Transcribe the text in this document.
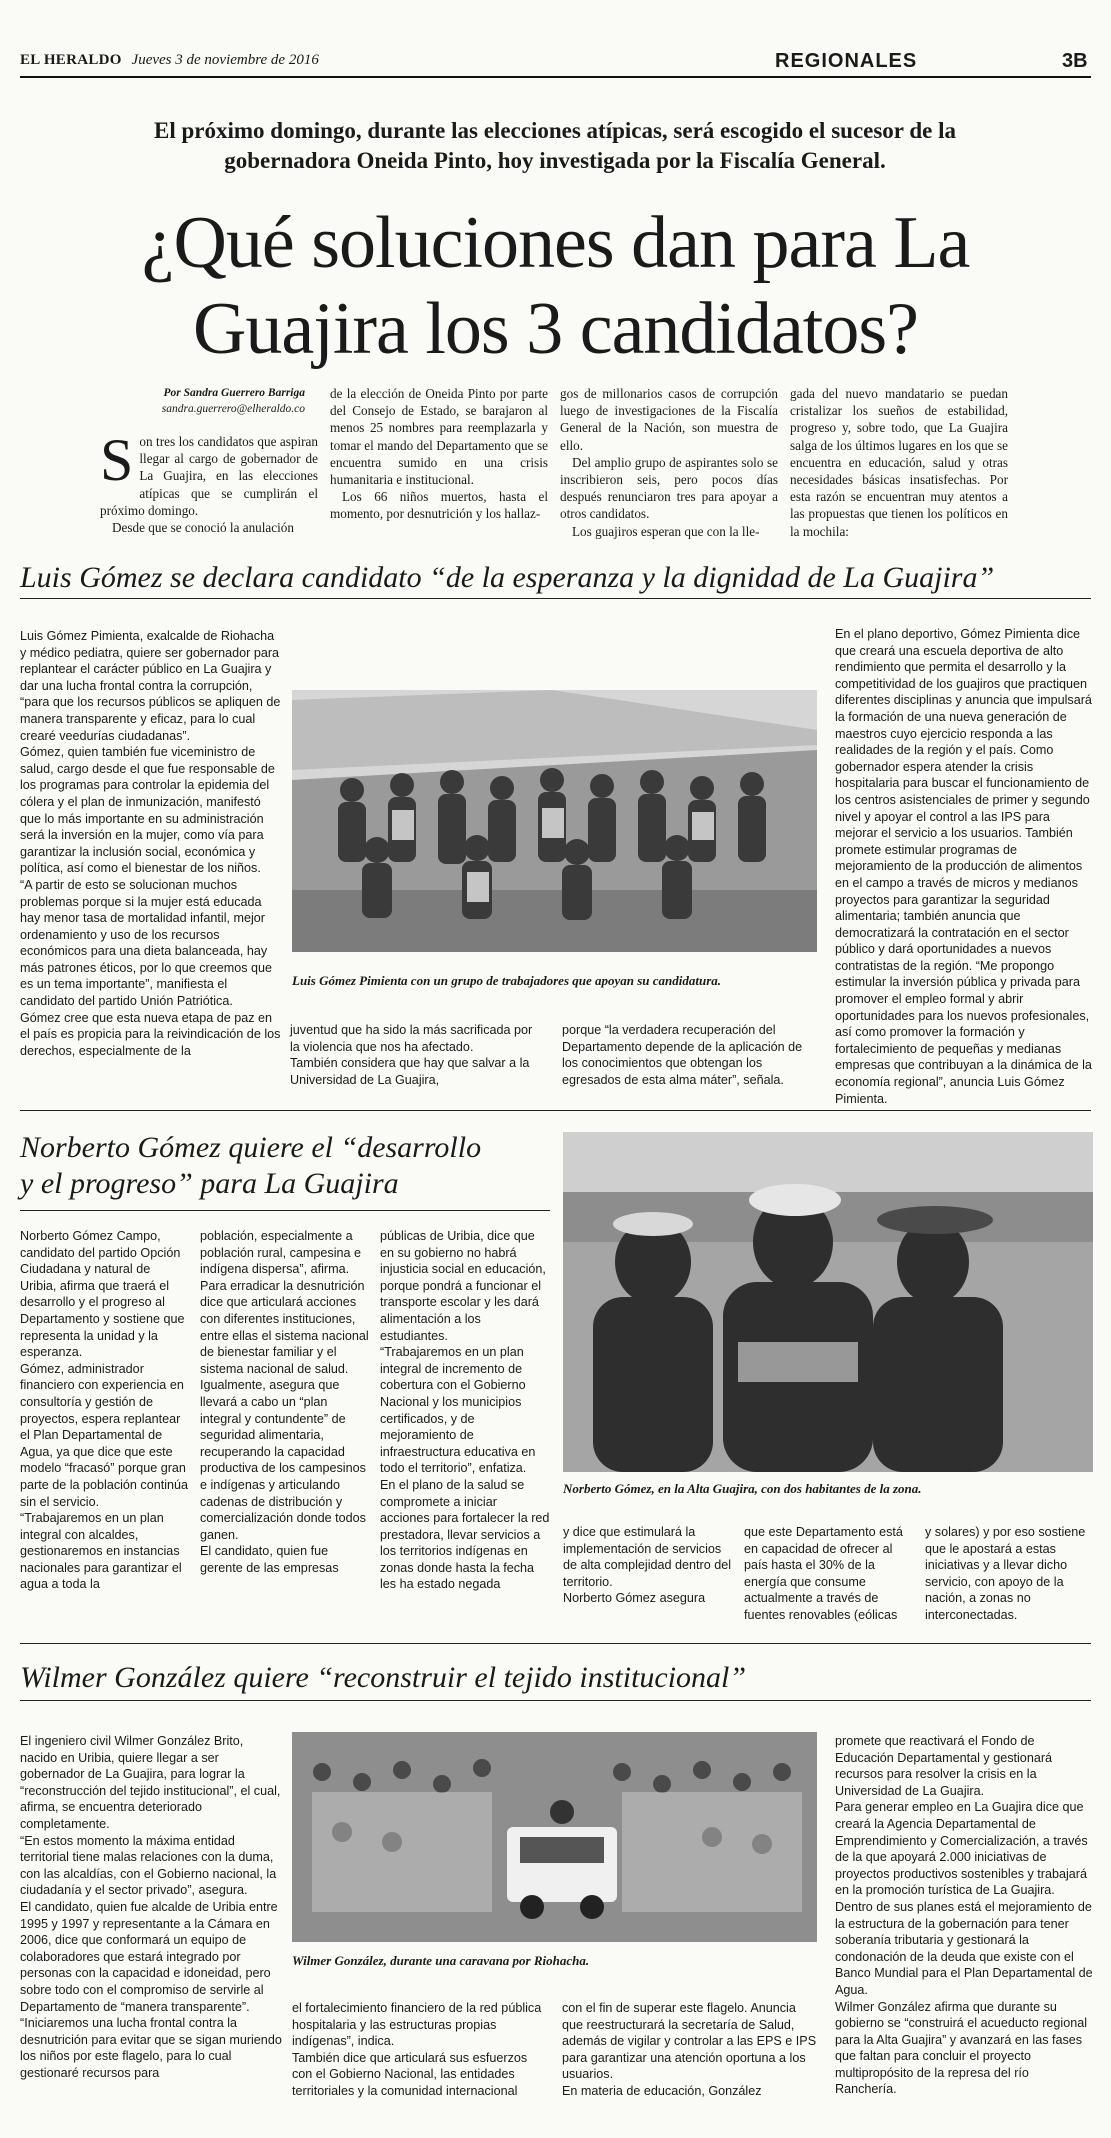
EL HERALDO Jueves 3 de noviembre de 2016	REGIONALES	3B
El próximo domingo, durante las elecciones atípicas, será escogido el sucesor de la gobernadora Oneida Pinto, hoy investigada por la Fiscalía General.
¿Qué soluciones dan para La Guajira los 3 candidatos?
Por Sandra Guerrero Barriga
sandra.guerrero@elheraldo.co
S on tres los candidatos que aspiran llegar al cargo de gobernador de La Guajira, en las elecciones atípicas que se cumplirán el próximo domingo.

Desde que se conoció la anulación

de la elección de Oneida Pinto por parte del Consejo de Estado, se barajaron al menos 25 nombres para reemplazarla y tomar el mando del Departamento que se encuentra sumido en una crisis humanitaria e institucional.

Los 66 niños muertos, hasta el momento, por desnutrición y los hallaz-

gos de millonarios casos de corrupción luego de investigaciones de la Fiscalía General de la Nación, son muestra de ello.

Del amplio grupo de aspirantes solo se inscribieron seis, pero pocos días después renunciaron tres para apoyar a otros candidatos.

Los guajiros esperan que con la lle-

gada del nuevo mandatario se puedan cristalizar los sueños de estabilidad, progreso y, sobre todo, que La Guajira salga de los últimos lugares en los que se encuentra en educación, salud y otras necesidades básicas insatisfechas. Por esta razón se encuentran muy atentos a las propuestas que tienen los políticos en la mochila:

Luis Gómez se declara candidato “de la esperanza y la dignidad de La Guajira”
Luis Gómez Pimienta, exalcalde de Riohacha y médico pediatra, quiere ser gobernador para replantear el carácter público en La Guajira y dar una lucha frontal contra la corrupción, “para que los recursos públicos se apliquen de manera transparente y eficaz, para lo cual crearé veedurías ciudadanas”.
Gómez, quien también fue viceministro de salud, cargo desde el que fue responsable de los programas para controlar la epidemia del cólera y el plan de inmunización, manifestó que lo más importante en su administración será la inversión en la mujer, como vía para garantizar la inclusión social, económica y política, así como el bienestar de los niños.
“A partir de esto se solucionan muchos problemas porque si la mujer está educada hay menor tasa de mortalidad infantil, mejor ordenamiento y uso de los recursos económicos para una dieta balanceada, hay más patrones éticos, por lo que creemos que es un tema importante”, manifiesta el candidato del partido Unión Patriótica.
Gómez cree que esta nueva etapa de paz en el país es propicia para la reivindicación de los derechos, especialmente de la
Luis Gómez Pimienta con un grupo de trabajadores que apoyan su candidatura.
juventud que ha sido la más sacrificada por la violencia que nos ha afectado.
También considera que hay que salvar a la Universidad de La Guajira,
porque “la verdadera recuperación del Departamento depende de la aplicación de los conocimientos que obtengan los egresados de esta alma máter”, señala.
En el plano deportivo, Gómez Pimienta dice que creará una escuela deportiva de alto rendimiento que permita el desarrollo y la competitividad de los guajiros que practiquen diferentes disciplinas y anuncia que impulsará la formación de una nueva generación de maestros cuyo ejercicio responda a las realidades de la región y el país. Como gobernador espera atender la crisis hospitalaria para buscar el funcionamiento de los centros asistenciales de primer y segundo nivel y apoyar el control a las IPS para mejorar el servicio a los usuarios. También promete estimular programas de mejoramiento de la producción de alimentos en el campo a través de micros y medianos proyectos para garantizar la seguridad alimentaria; también anuncia que democratizará la contratación en el sector público y dará oportunidades a nuevos contratistas de la región. “Me propongo estimular la inversión pública y privada para promover el empleo formal y abrir oportunidades para los nuevos profesionales, así como promover la formación y fortalecimiento de pequeñas y medianas empresas que contribuyan a la dinámica de la economía regional”, anuncia Luis Gómez Pimienta.
Norberto Gómez quiere el “desarrollo
y el progreso” para La Guajira
Norberto Gómez Campo, candidato del partido Opción Ciudadana y natural de Uribia, afirma que traerá el desarrollo y el progreso al Departamento y sostiene que representa la unidad y la esperanza.
Gómez, administrador financiero con experiencia en consultoría y gestión de proyectos, espera replantear el Plan Departamental de Agua, ya que dice que este modelo “fracasó” porque gran parte de la población continúa sin el servicio.
“Trabajaremos en un plan integral con alcaldes, gestionaremos en instancias nacionales para garantizar el agua a toda la
población, especialmente a población rural, campesina e indígena dispersa”, afirma.
Para erradicar la desnutrición dice que articulará acciones con diferentes instituciones, entre ellas el sistema nacional de bienestar familiar y el sistema nacional de salud.
Igualmente, asegura que llevará a cabo un “plan integral y contundente” de seguridad alimentaria, recuperando la capacidad productiva de los campesinos e indígenas y articulando cadenas de distribución y comercialización donde todos ganen.
El candidato, quien fue gerente de las empresas
públicas de Uribia, dice que en su gobierno no habrá injusticia social en educación, porque pondrá a funcionar el transporte escolar y les dará alimentación a los estudiantes.
“Trabajaremos en un plan integral de incremento de cobertura con el Gobierno Nacional y los municipios certificados, y de mejoramiento de infraestructura educativa en todo el territorio”, enfatiza.
En el plano de la salud se compromete a iniciar acciones para fortalecer la red prestadora, llevar servicios a los territorios indígenas en zonas donde hasta la fecha les ha estado negada
Norberto Gómez, en la Alta Guajira, con dos habitantes de la zona.
y dice que estimulará la implementación de servicios de alta complejidad dentro del territorio.
Norberto Gómez asegura
que este Departamento está en capacidad de ofrecer al país hasta el 30% de la energía que consume actualmente a través de fuentes renovables (eólicas
y solares) y por eso sostiene que le apostará a estas iniciativas y a llevar dicho servicio, con apoyo de la nación, a zonas no interconectadas.
Wilmer González quiere “reconstruir el tejido institucional”
El ingeniero civil Wilmer González Brito, nacido en Uribia, quiere llegar a ser gobernador de La Guajira, para lograr la “reconstrucción del tejido institucional”, el cual, afirma, se encuentra deteriorado completamente.
“En estos momento la máxima entidad territorial tiene malas relaciones con la duma, con las alcaldías, con el Gobierno nacional, la ciudadanía y el sector privado”, asegura.
El candidato, quien fue alcalde de Uribia entre 1995 y 1997 y representante a la Cámara en 2006, dice que conformará un equipo de colaboradores que estará integrado por personas con la capacidad e idoneidad, pero sobre todo con el compromiso de servirle al Departamento de “manera transparente”.
“Iniciaremos una lucha frontal contra la desnutrición para evitar que se sigan muriendo los niños por este flagelo, para lo cual gestionaré recursos para
Wilmer González, durante una caravana por Riohacha.
el fortalecimiento financiero de la red pública hospitalaria y las estructuras propias indígenas”, indica.
También dice que articulará sus esfuerzos con el Gobierno Nacional, las entidades territoriales y la comunidad internacional
con el fin de superar este flagelo. Anuncia que reestructurará la secretaría de Salud, además de vigilar y controlar a las EPS e IPS para garantizar una atención oportuna a los usuarios.
En materia de educación, González
promete que reactivará el Fondo de Educación Departamental y gestionará recursos para resolver la crisis en la Universidad de La Guajira.
Para generar empleo en La Guajira dice que creará la Agencia Departamental de Emprendimiento y Comercialización, a través de la que apoyará 2.000 iniciativas de proyectos productivos sostenibles y trabajará en la promoción turística de La Guajira.
Dentro de sus planes está el mejoramiento de la estructura de la gobernación para tener soberanía tributaria y gestionará la condonación de la deuda que existe con el Banco Mundial para el Plan Departamental de Agua.
Wilmer González afirma que durante su gobierno se “construirá el acueducto regional para la Alta Guajira” y avanzará en las fases que faltan para concluir el proyecto multipropósito de la represa del río Ranchería.
